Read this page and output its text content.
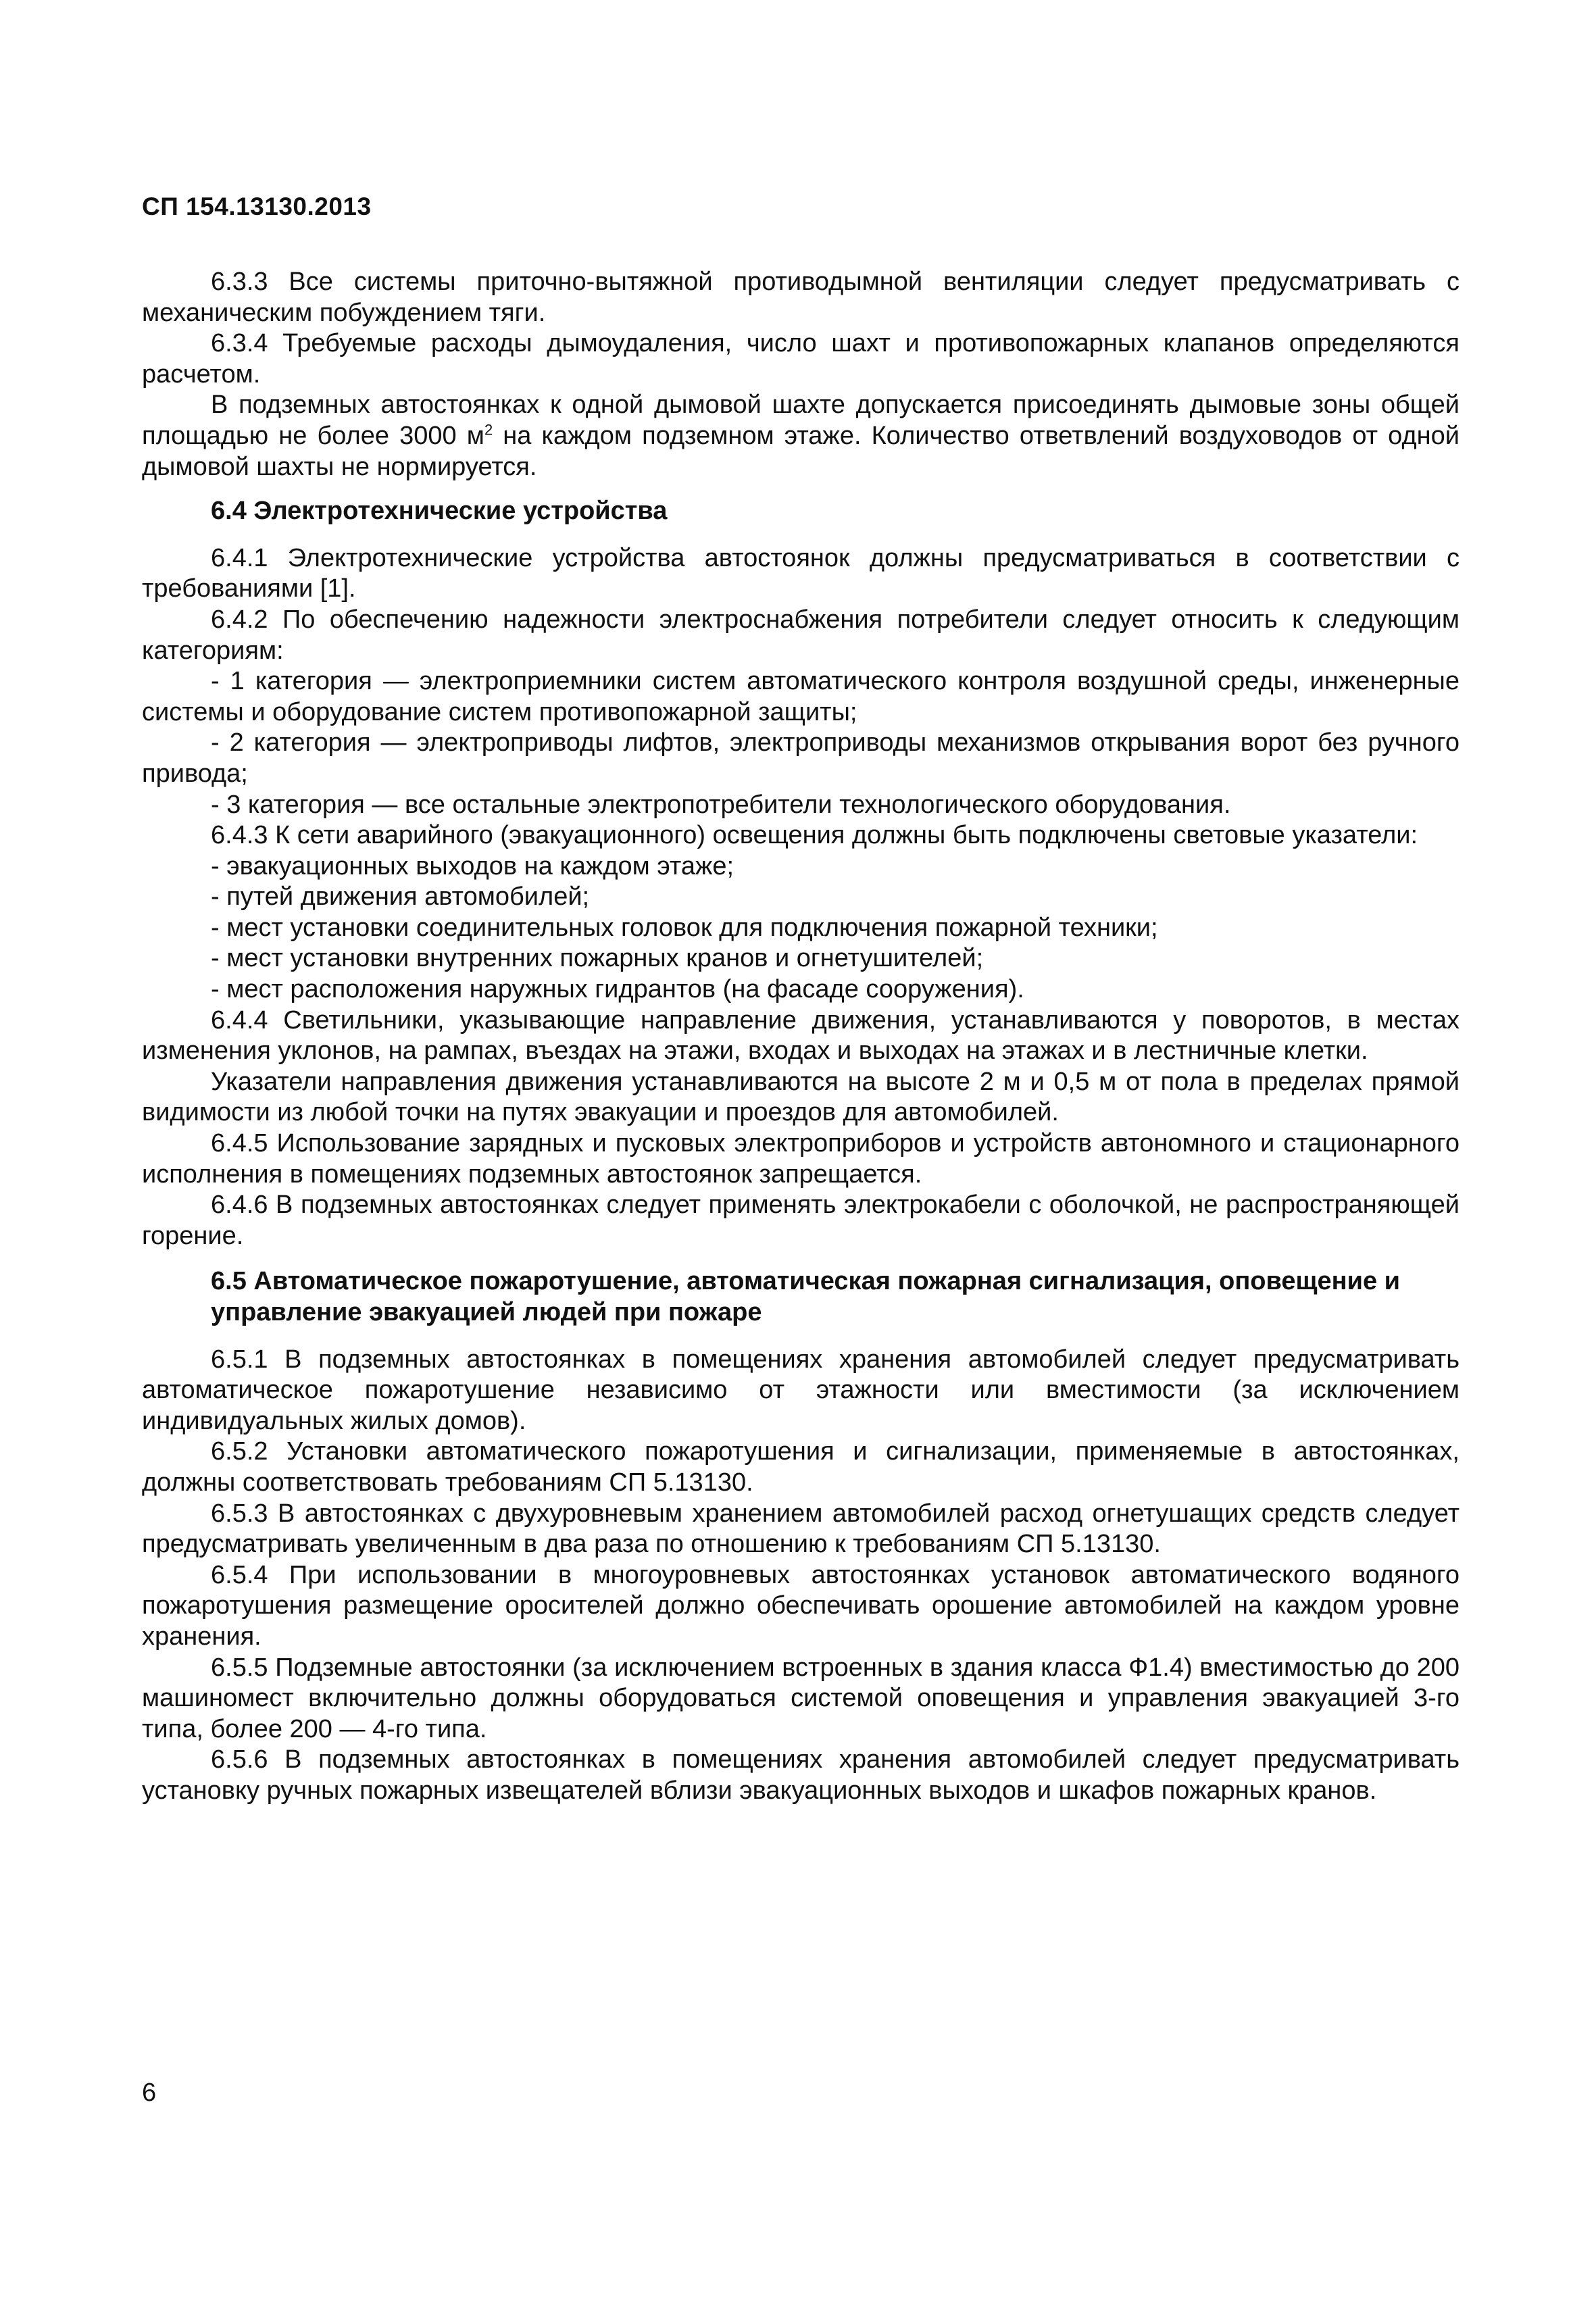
СП 154.13130.2013

6.3.3 Все системы приточно-вытяжной противодымной вентиляции следует предусматривать с механическим побуждением тяги.

6.3.4 Требуемые расходы дымоудаления, число шахт и противопожарных клапанов определяются расчетом.

В подземных автостоянках к одной дымовой шахте допускается присоединять дымовые зоны общей площадью не более 3000 $м^2$ на каждом подземном этаже. Количество ответвлений воздуховодов от одной дымовой шахты не нормируется.

6.4 Электротехнические устройства

6.4.1 Электротехнические устройства автостоянок должны предусматриваться в соответствии с требованиями [1].

6.4.2 По обеспечению надежности электроснабжения потребители следует относить к следующим категориям:

- 1 категория — электроприемники систем автоматического контроля воздушной среды, инженерные системы и оборудование систем противопожарной защиты;

- 2 категория — электроприводы лифтов, электроприводы механизмов открывания ворот без ручного привода;

- 3 категория — все остальные электропотребители технологического оборудования.

6.4.3 К сети аварийного (эвакуационного) освещения должны быть подключены световые указатели:

- эвакуационных выходов на каждом этаже;

- путей движения автомобилей;

- мест установки соединительных головок для подключения пожарной техники;

- мест установки внутренних пожарных кранов и огнетушителей;

- мест расположения наружных гидрантов (на фасаде сооружения).

6.4.4 Светильники, указывающие направление движения, устанавливаются у поворотов, в местах изменения уклонов, на рампах, въездах на этажи, входах и выходах на этажах и в лестничные клетки.

Указатели направления движения устанавливаются на высоте 2 м и 0,5 м от пола в пределах прямой видимости из любой точки на путях эвакуации и проездов для автомобилей.

6.4.5 Использование зарядных и пусковых электроприборов и устройств автономного и стационарного исполнения в помещениях подземных автостоянок запрещается.

6.4.6 В подземных автостоянках следует применять электрокабели с оболочкой, не распространяющей горение.

6.5 Автоматическое пожаротушение, автоматическая пожарная сигнализация, оповещение и управление эвакуацией людей при пожаре

6.5.1 В подземных автостоянках в помещениях хранения автомобилей следует предусматривать автоматическое пожаротушение независимо от этажности или вместимости (за исключением индивидуальных жилых домов).

6.5.2 Установки автоматического пожаротушения и сигнализации, применяемые в автостоянках, должны соответствовать требованиям СП 5.13130.

6.5.3 В автостоянках с двухуровневым хранением автомобилей расход огнетушащих средств следует предусматривать увеличенным в два раза по отношению к требованиям СП 5.13130.

6.5.4 При использовании в многоуровневых автостоянках установок автоматического водяного пожаротушения размещение оросителей должно обеспечивать орошение автомобилей на каждом уровне хранения.

6.5.5 Подземные автостоянки (за исключением встроенных в здания класса Ф1.4) вместимостью до 200 машиномест включительно должны оборудоваться системой оповещения и управления эвакуацией 3-го типа, более 200 — 4-го типа.

6.5.6 В подземных автостоянках в помещениях хранения автомобилей следует предусматривать установку ручных пожарных извещателей вблизи эвакуационных выходов и шкафов пожарных кранов.

6
